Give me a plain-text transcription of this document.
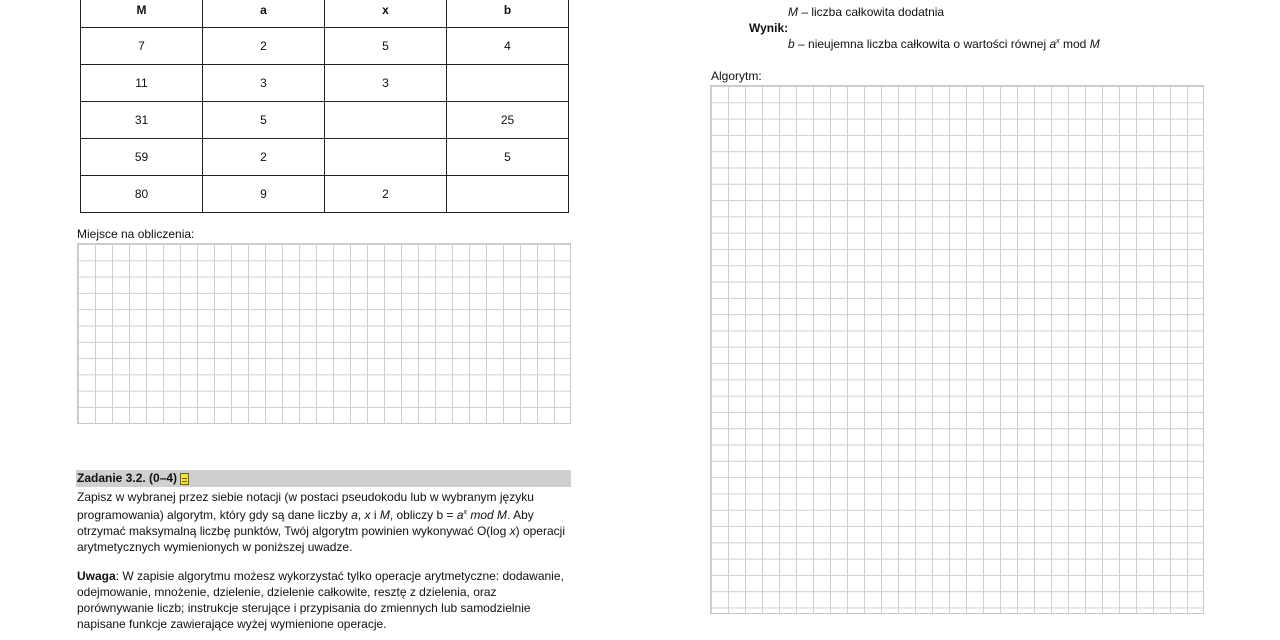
M	a	x	b
7	2	5	4
11	3	3	
31	5		25
59	2		5
80	9	2	
Miejsce na obliczenia:
Zadanie 3.2. (0–4)
Zapisz w wybranej przez siebie notacji (w postaci pseudokodu lub w wybranym języku
programowania) algorytm, który gdy są dane liczby a, x i M, obliczy $b = a^x$ mod M. Aby
otrzymać maksymalną liczbę punktów, Twój algorytm powinien wykonywać O(log x) operacji
arytmetycznych wymienionych w poniższej uwadze.
Uwaga: W zapisie algorytmu możesz wykorzystać tylko operacje arytmetyczne: dodawanie,
odejmowanie, mnożenie, dzielenie, dzielenie całkowite, resztę z dzielenia, oraz
porównywanie liczb; instrukcje sterujące i przypisania do zmiennych lub samodzielnie
napisane funkcje zawierające wyżej wymienione operacje.
M – liczba całkowita dodatnia
Wynik:
b – nieujemna liczba całkowita o wartości równej $a^x$ mod M
Algorytm:
